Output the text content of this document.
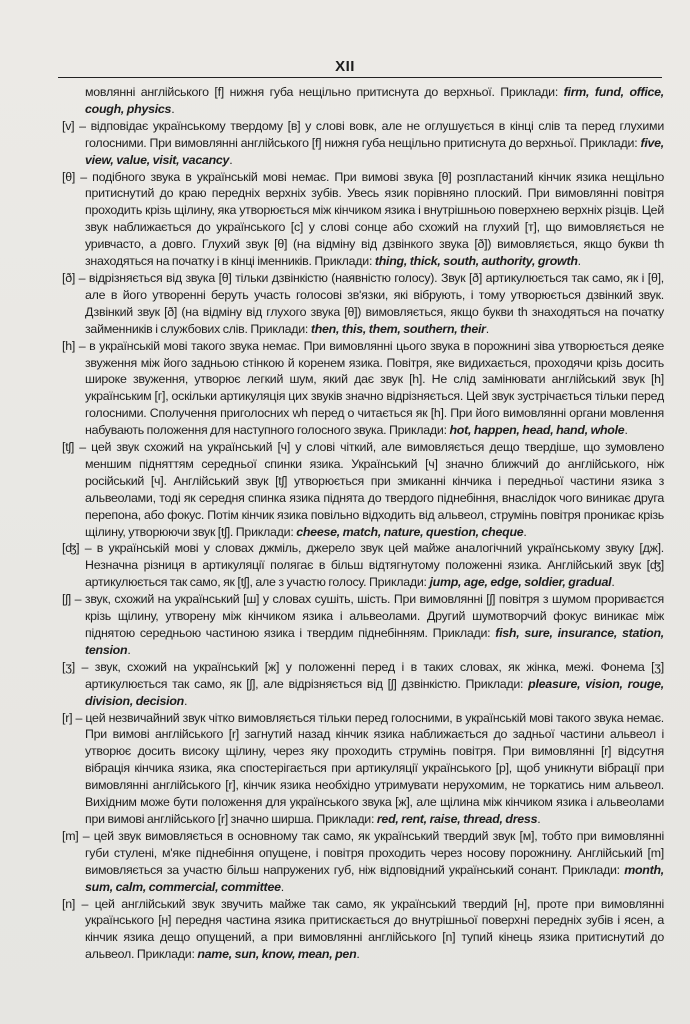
XII

мовлянні англійського [f] нижня губа нещільно притиснута до верхньої. Приклади: firm, fund, office, cough, physics.

[v] – відповідає українському твердому [в] у слові вовк, але не оглушується в кінці слів та перед глухими голосними. При вимовлянні англійського [f] нижня губа нещільно притиснута до верхньої. Приклади: five, view, value, visit, vacancy.

[θ] – подібного звука в українській мові немає. При вимові звука [θ] розпластаний кінчик язика нещільно притиснутий до краю передніх верхніх зубів. Увесь язик порівняно плоский. При вимовлянні повітря проходить крізь щілину, яка утворюється між кінчиком язика і внутрішньою поверхнею верхніх різців. Цей звук наближається до українського [с] у слові сонце або схожий на глухий [т], що вимовляється не уривчасто, а довго. Глухий звук [θ] (на відміну від дзвінкого звука [ð]) вимовляється, якщо букви th знаходяться на початку і в кінці іменників. Приклади: thing, thick, south, authority, growth.

[ð] – відрізняється від звука [θ] тільки дзвінкістю (наявністю голосу). Звук [ð] артикулюється так само, як і [θ], але в його утворенні беруть участь голосові зв'язки, які вібрують, і тому утворюється дзвінкий звук. Дзвінкий звук [ð] (на відміну від глухого звука [θ]) вимовляється, якщо букви th знаходяться на початку займенників і службових слів. Приклади: then, this, them, southern, their.

[h] – в українській мові такого звука немає. При вимовлянні цього звука в порожнині зіва утворюється деяке звуження між його задньою стінкою й коренем язика. Повітря, яке видихається, проходячи крізь досить широке звуження, утворює легкий шум, який дає звук [h]. Не слід замінювати англійський звук [h] українським [г], оскільки артикуляція цих звуків значно відрізняється. Цей звук зустрічається тільки перед голосними. Сполучення приголосних wh перед o читається як [h]. При його вимовлянні органи мовлення набувають положення для наступного голосного звука. Приклади: hot, happen, head, hand, whole.

[tʃ] – цей звук схожий на український [ч] у слові чіткий, але вимовляється дещо твердіше, що зумовлено меншим підняттям середньої спинки язика. Український [ч] значно ближчий до англійського, ніж російський [ч]. Англійський звук [tʃ] утворюється при змиканні кінчика і передньої частини язика з альвеолами, тоді як середня спинка язика піднята до твердого піднебіння, внаслідок чого виникає друга перепона, або фокус. Потім кінчик язика повільно відходить від альвеол, струмінь повітря проникає крізь щілину, утворюючи звук [tʃ]. Приклади: cheese, match, nature, question, cheque.

[ʤ] – в українській мові у словах джміль, джерело звук цей майже аналогічний українському звуку [дж]. Незначна різниця в артикуляції полягає в більш відтягнутому положенні язика. Англійський звук [ʤ] артикулюється так само, як [tʃ], але з участю голосу. Приклади: jump, age, edge, soldier, gradual.

[ʃ] – звук, схожий на український [ш] у словах сушіть, шість. При вимовлянні [ʃ] повітря з шумом прориваєтся крізь щілину, утворену між кінчиком язика і альвеолами. Другий шумотворчий фокус виникає між піднятою середньою частиною язика і твердим піднебінням. Приклади: fish, sure, insurance, station, tension.

[ʒ] – звук, схожий на український [ж] у положенні перед і в таких словах, як жінка, межі. Фонема [ʒ] артикулюється так само, як [ʃ], але відрізняється від [ʃ] дзвінкістю. Приклади: pleasure, vision, rouge, division, decision.

[r] – цей незвичайний звук чітко вимовляється тільки перед голосними, в українській мові такого звука немає. При вимові англійського [r] загнутий назад кінчик язика наближається до задньої частини альвеол і утворює досить високу щілину, через яку проходить струмінь повітря. При вимовлянні [r] відсутня вібрація кінчика язика, яка спостерігається при артикуляції українського [р], щоб уникнути вібрації при вимовлянні англійського [r], кінчик язика необхідно утримувати нерухомим, не торкатись ним альвеол. Вихідним може бути положення для українського звука [ж], але щілина між кінчиком язика і альвеолами при вимові англійського [r] значно ширша. Приклади: red, rent, raise, thread, dress.

[m] – цей звук вимовляється в основному так само, як український твердий звук [м], тобто при вимовлянні губи стулені, м'яке піднебіння опущене, і повітря проходить через носову порожнину. Англійський [m] вимовляється за участю більш напружених губ, ніж відповідний український сонант. Приклади: month, sum, calm, commercial, committee.

[n] – цей англійський звук звучить майже так само, як український твердий [н], проте при вимовлянні українського [н] передня частина язика притискається до внутрішньої поверхні передніх зубів і ясен, а кінчик язика дещо опущений, а при вимовлянні англійського [n] тупий кінець язика притиснутий до альвеол. Приклади: name, sun, know, mean, pen.
